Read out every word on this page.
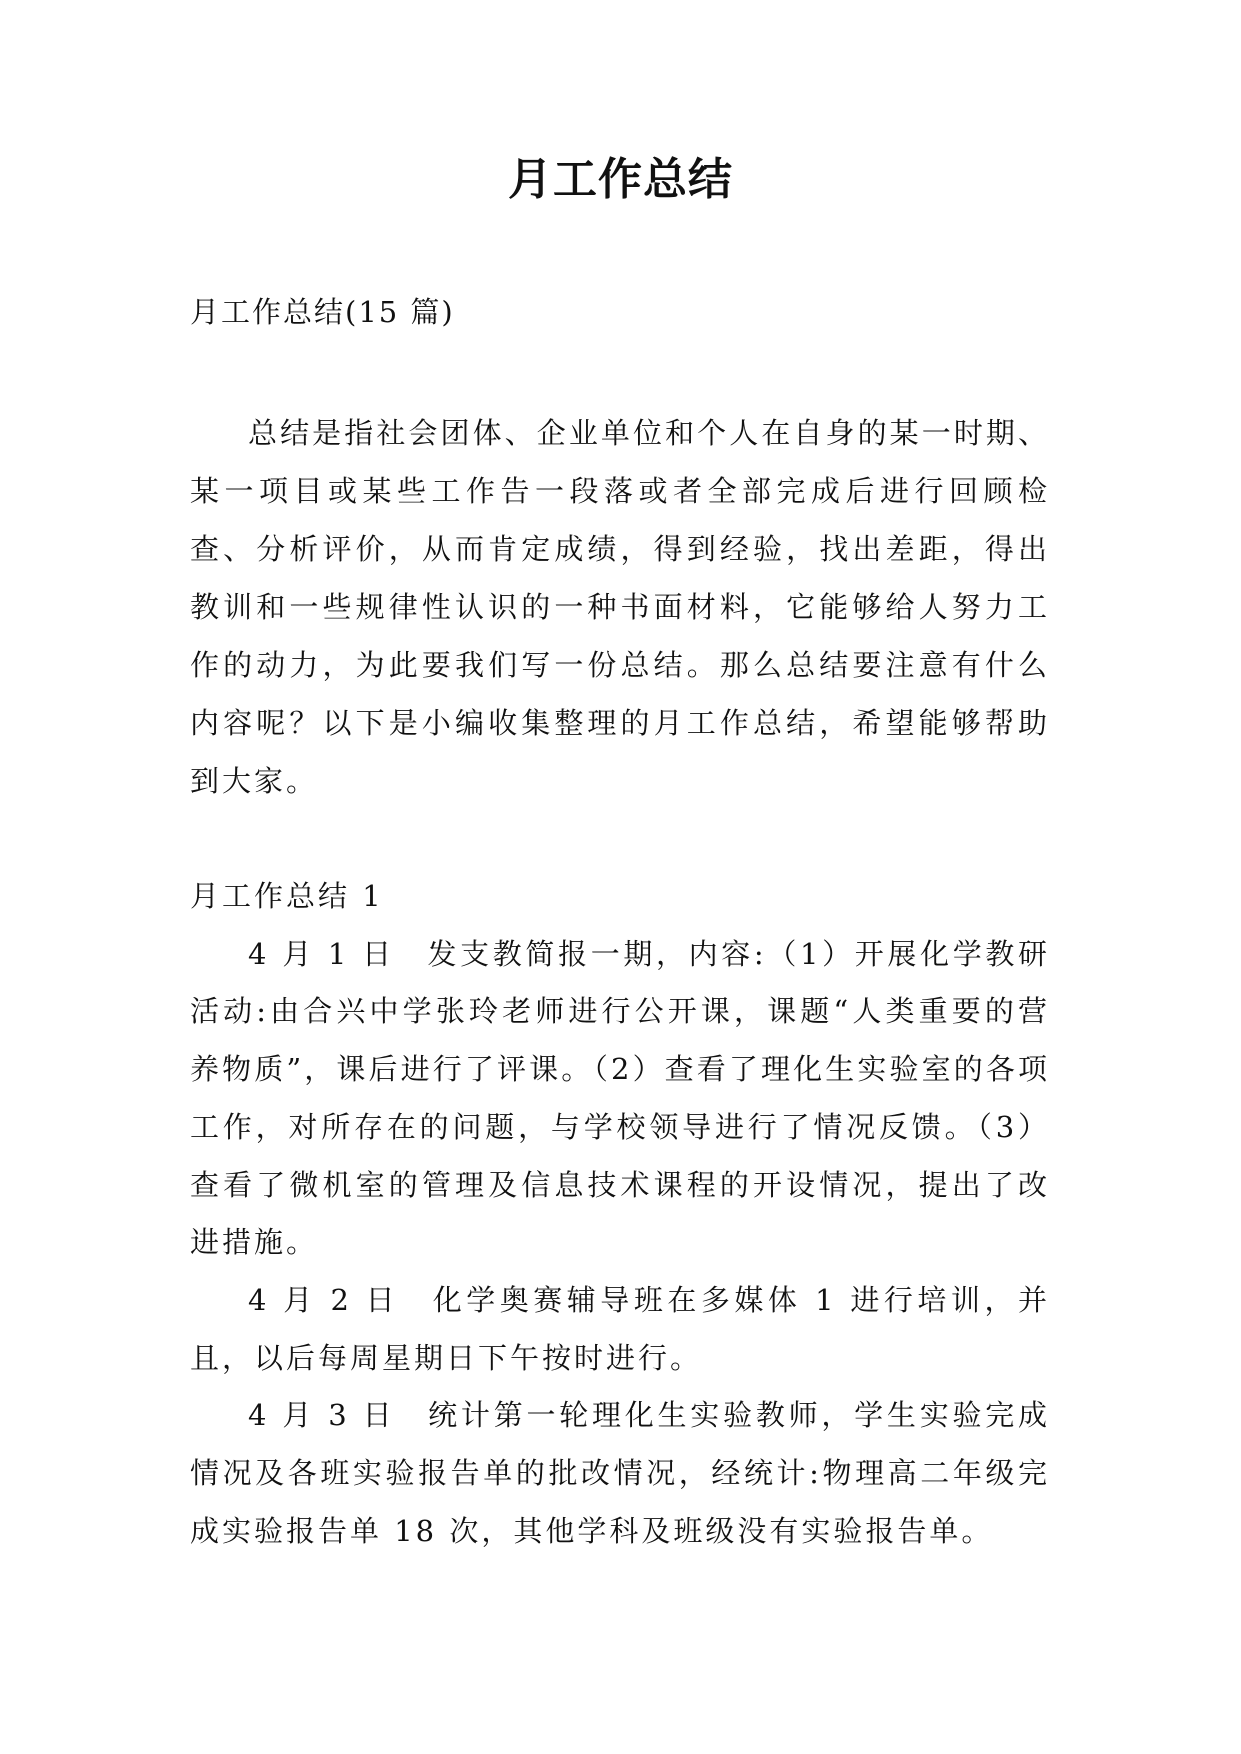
月工作总结
月工作总结(15 篇)

总结是指社会团体、企业单位和个人在自身的某一时期、某一项目或某些工作告一段落或者全部完成后进行回顾检查、分析评价，从而肯定成绩，得到经验，找出差距，得出教训和一些规律性认识的一种书面材料，它能够给人努力工作的动力，为此要我们写一份总结。那么总结要注意有什么内容呢？以下是小编收集整理的月工作总结，希望能够帮助到大家。

月工作总结 1

4 月 1 日　发支教简报一期，内容:（1）开展化学教研活动:由合兴中学张玲老师进行公开课，课题“人类重要的营养物质”，课后进行了评课。（2）查看了理化生实验室的各项工作，对所存在的问题，与学校领导进行了情况反馈。（3）查看了微机室的管理及信息技术课程的开设情况，提出了改进措施。

4 月 2 日　化学奥赛辅导班在多媒体 1 进行培训，并且，以后每周星期日下午按时进行。

4 月 3 日　统计第一轮理化生实验教师，学生实验完成情况及各班实验报告单的批改情况，经统计:物理高二年级完成实验报告单 18 次，其他学科及班级没有实验报告单。
